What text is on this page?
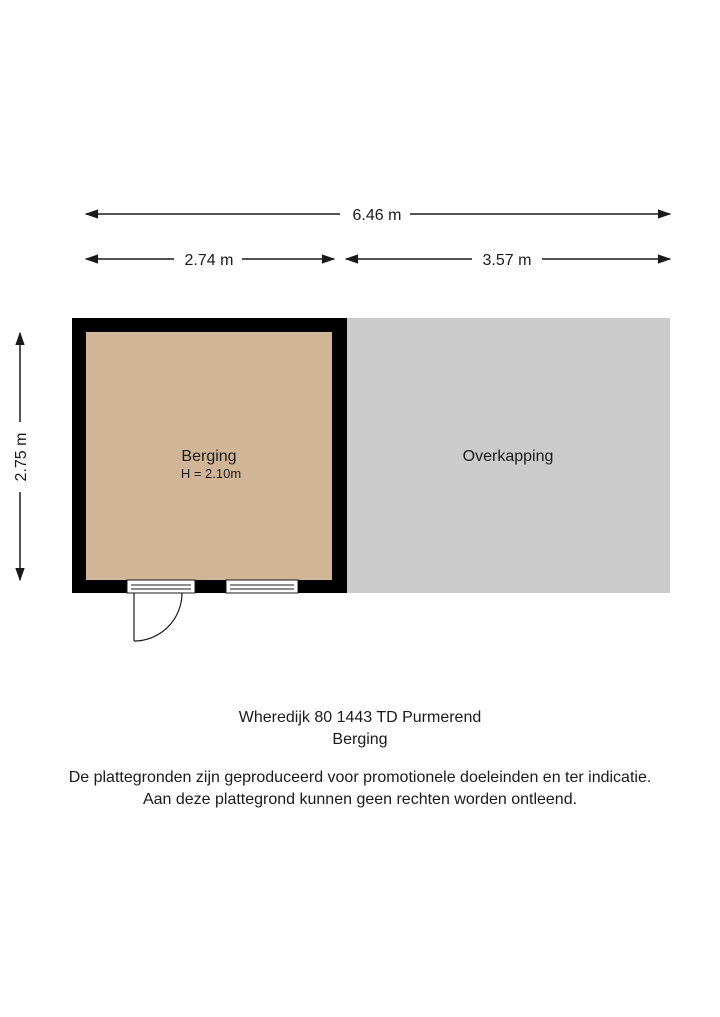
6.46 m
2.74 m	3.57 m
2.75 m	Berging
H = 2.10m
Overkapping
Wheredijk 80 1443 TD Purmerend
Berging
De plattegronden zijn geproduceerd voor promotionele doeleinden en ter indicatie.
Aan deze plattegrond kunnen geen rechten worden ontleend.
